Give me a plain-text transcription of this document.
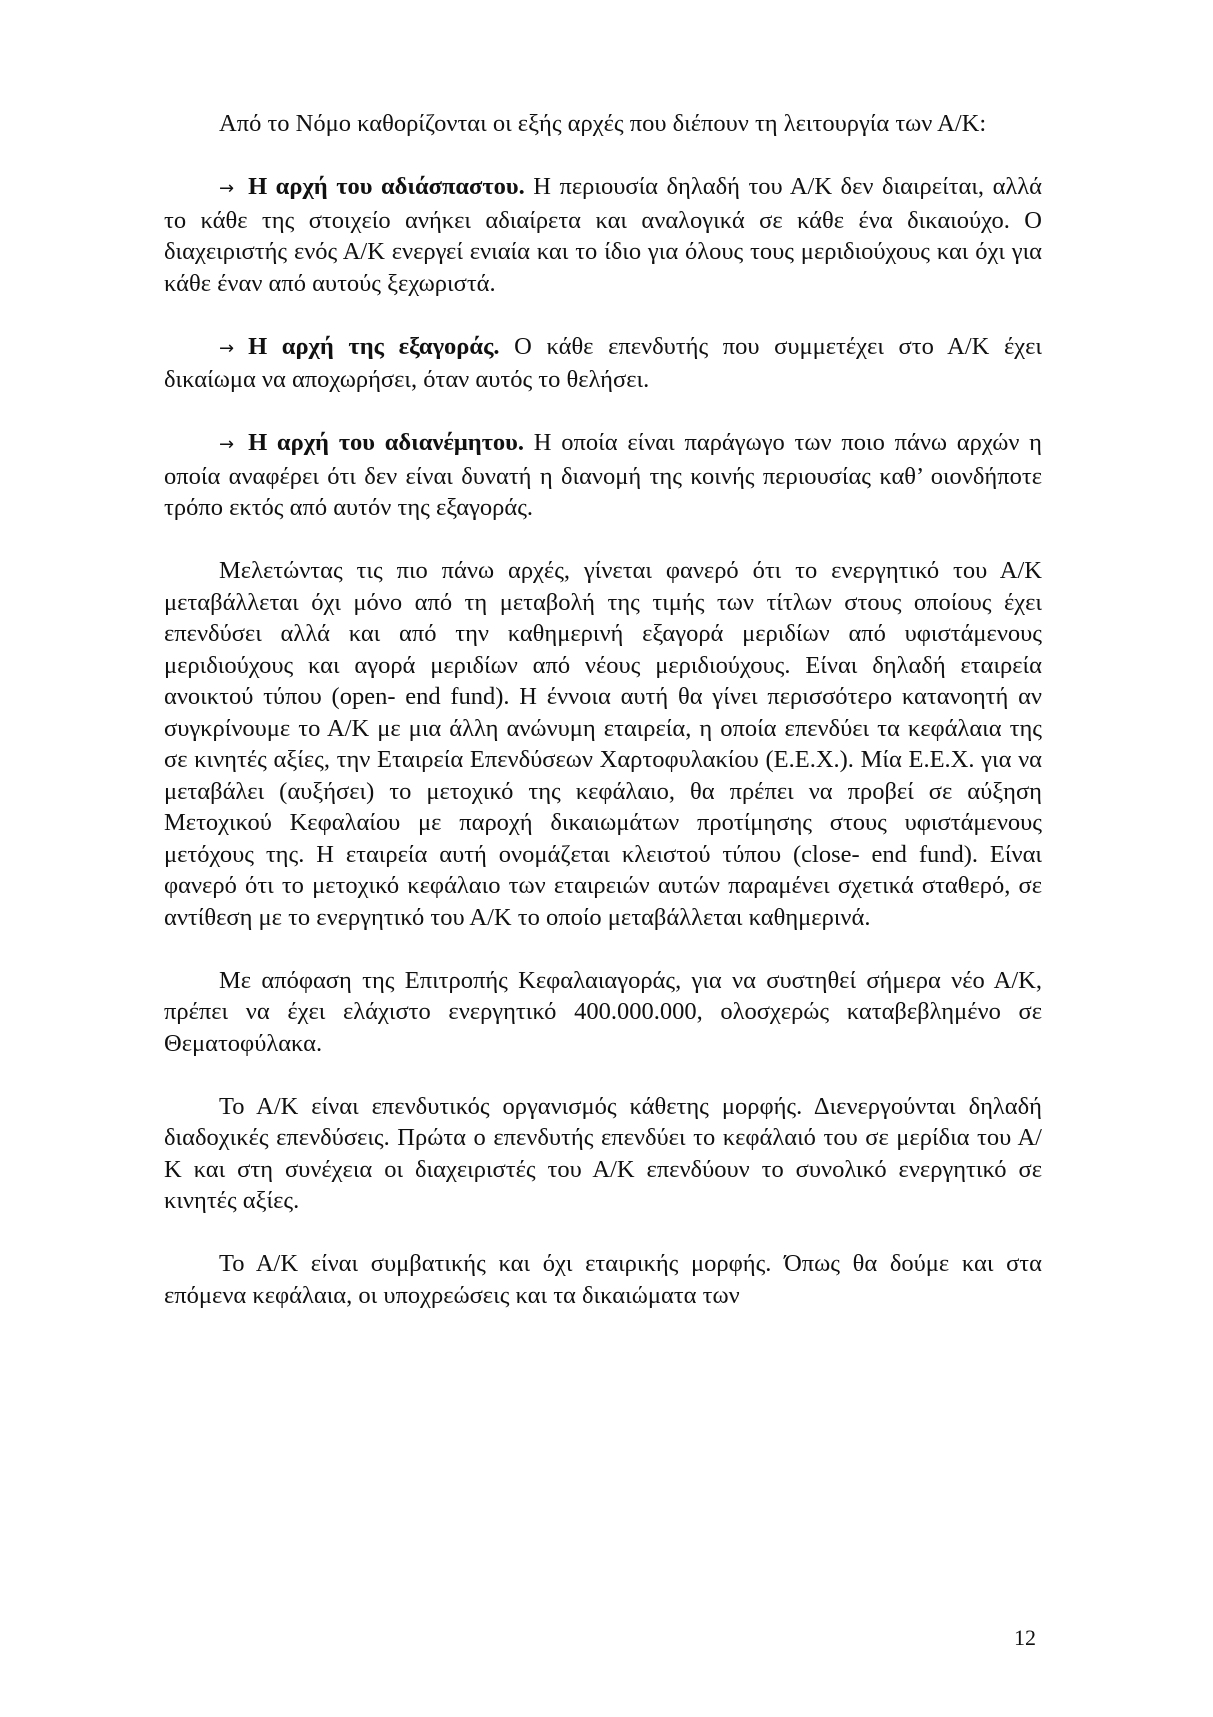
Από το Νόμο καθορίζονται οι εξής αρχές που διέπουν τη λειτουργία των Α/Κ:

→ Η αρχή του αδιάσπαστου. Η περιουσία δηλαδή του Α/Κ δεν διαιρείται, αλλά το κάθε της στοιχείο ανήκει αδιαίρετα και αναλογικά σε κάθε ένα δικαιούχο. Ο διαχειριστής ενός Α/Κ ενεργεί ενιαία και το ίδιο για όλους τους μεριδιούχους και όχι για κάθε έναν από αυτούς ξεχωριστά.

→ Η αρχή της εξαγοράς. Ο κάθε επενδυτής που συμμετέχει στο Α/Κ έχει δικαίωμα να αποχωρήσει, όταν αυτός το θελήσει.

→ Η αρχή του αδιανέμητου. Η οποία είναι παράγωγο των ποιο πάνω αρχών η οποία αναφέρει ότι δεν είναι δυνατή η διανομή της κοινής περιουσίας καθ’ οιονδήποτε τρόπο εκτός από αυτόν της εξαγοράς.

Μελετώντας τις πιο πάνω αρχές, γίνεται φανερό ότι το ενεργητικό του Α/Κ μεταβάλλεται όχι μόνο από τη μεταβολή της τιμής των τίτλων στους οποίους έχει επενδύσει αλλά και από την καθημερινή εξαγορά μεριδίων από υφιστάμενους μεριδιούχους και αγορά μεριδίων από νέους μεριδιούχους. Είναι δηλαδή εταιρεία ανοικτού τύπου (open- end fund). Η έννοια αυτή θα γίνει περισσότερο κατανοητή αν συγκρίνουμε το Α/Κ με μια άλλη ανώνυμη εταιρεία, η οποία επενδύει τα κεφάλαια της σε κινητές αξίες, την Εταιρεία Επενδύσεων Χαρτοφυλακίου (Ε.Ε.Χ.). Μία Ε.Ε.Χ. για να μεταβάλει (αυξήσει) το μετοχικό της κεφάλαιο, θα πρέπει να προβεί σε αύξηση Μετοχικού Κεφαλαίου με παροχή δικαιωμάτων προτίμησης στους υφιστάμενους μετόχους της. Η εταιρεία αυτή ονομάζεται κλειστού τύπου (close- end fund). Είναι φανερό ότι το μετοχικό κεφάλαιο των εταιρειών αυτών παραμένει σχετικά σταθερό, σε αντίθεση με το ενεργητικό του Α/Κ το οποίο μεταβάλλεται καθημερινά.

Με απόφαση της Επιτροπής Κεφαλαιαγοράς, για να συστηθεί σήμερα νέο Α/Κ, πρέπει να έχει ελάχιστο ενεργητικό 400.000.000, ολοσχερώς καταβεβλημένο σε Θεματοφύλακα.

Το Α/Κ είναι επενδυτικός οργανισμός κάθετης μορφής. Διενεργούνται δηλαδή διαδοχικές επενδύσεις. Πρώτα ο επενδυτής επενδύει το κεφάλαιό του σε μερίδια του Α/Κ και στη συνέχεια οι διαχειριστές του Α/Κ επενδύουν το συνολικό ενεργητικό σε κινητές αξίες.

Το Α/Κ είναι συμβατικής και όχι εταιρικής μορφής. Όπως θα δούμε και στα επόμενα κεφάλαια, οι υποχρεώσεις και τα δικαιώματα των

12
